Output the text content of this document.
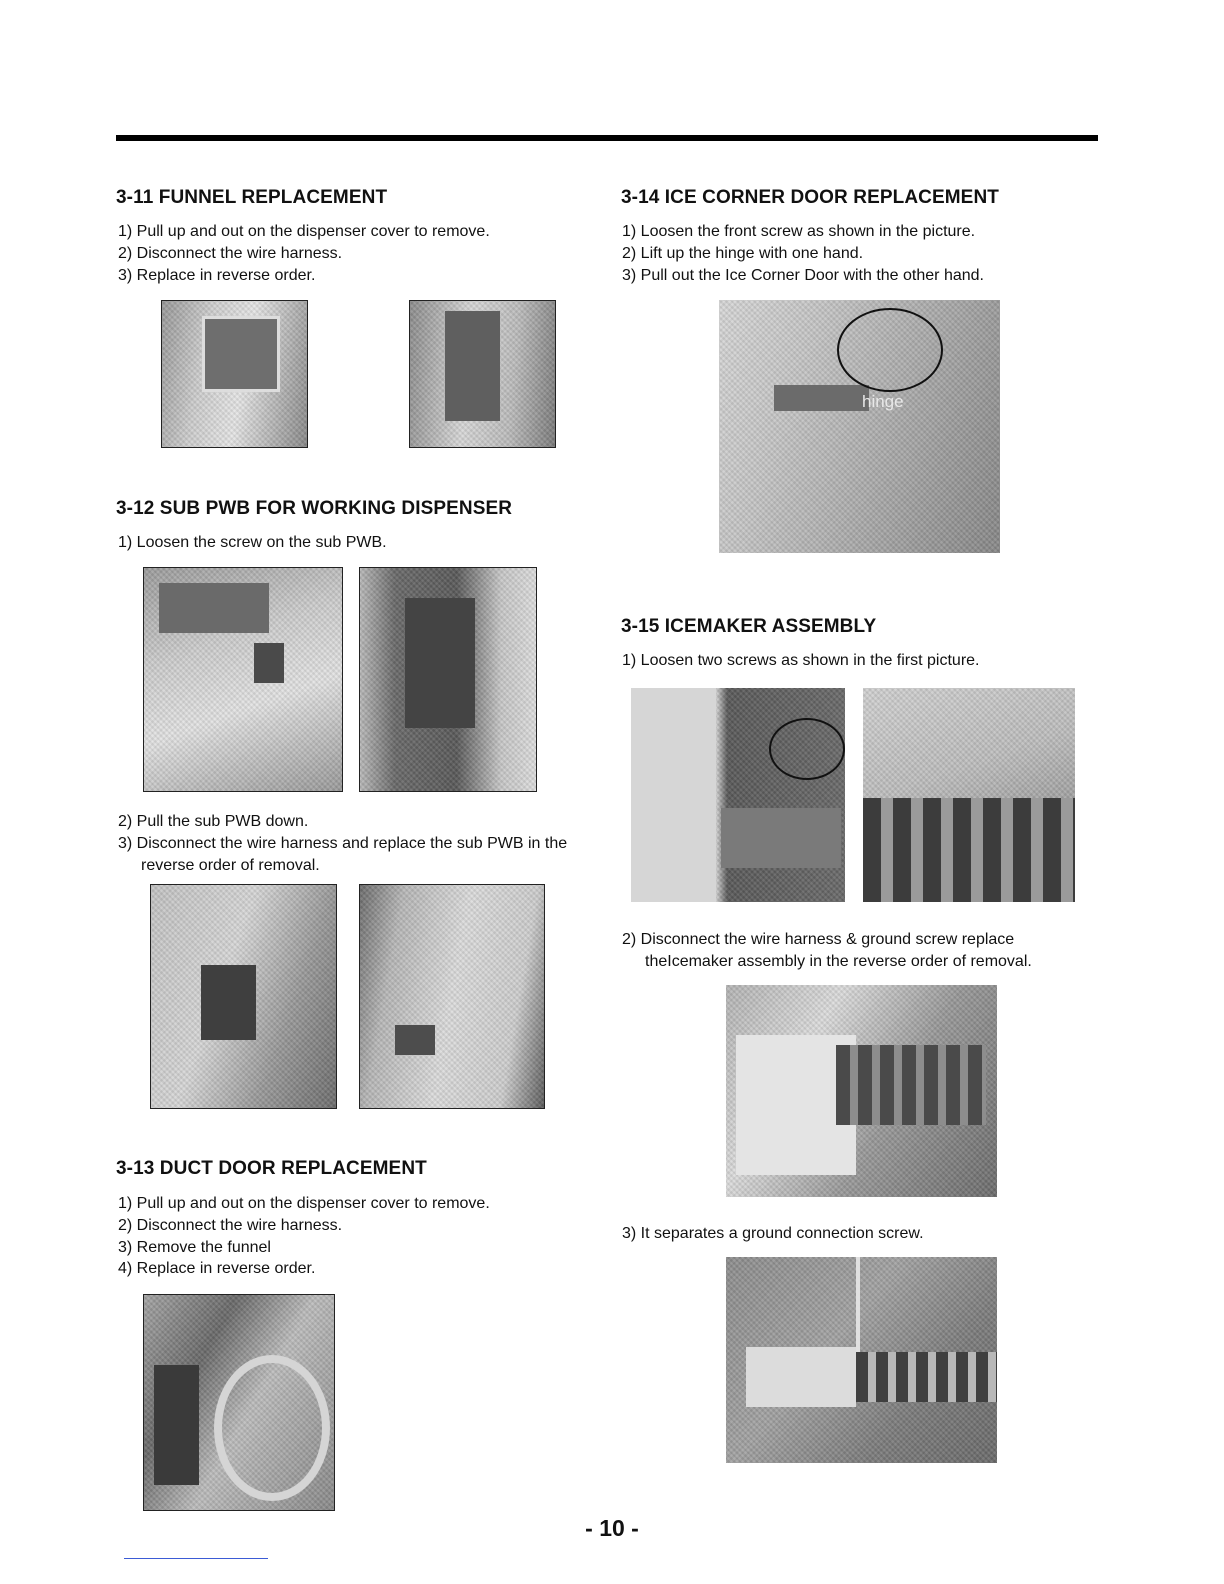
3-11 FUNNEL REPLACEMENT
1) Pull up and out on the dispenser cover to remove.
2) Disconnect the wire harness.
3) Replace in reverse order.
3-12 SUB PWB FOR WORKING DISPENSER
1) Loosen the screw on the sub PWB.
2) Pull the sub PWB down.
3) Disconnect the wire harness and replace the sub PWB in the reverse order of removal.
3-13 DUCT DOOR REPLACEMENT
1) Pull up and out on the dispenser cover to remove.
2) Disconnect the wire harness.
3) Remove the funnel
4) Replace in reverse order.
3-14 ICE CORNER DOOR REPLACEMENT
1) Loosen the front screw as shown in the picture.
2) Lift up the hinge with one hand.
3) Pull out the Ice Corner Door with the other hand.
hinge
3-15 ICEMAKER ASSEMBLY
1) Loosen two screws as shown in the first picture.
2) Disconnect the wire harness & ground screw replace theIcemaker assembly in the reverse order of removal.
3) It separates a ground connection screw.
- 10 -
